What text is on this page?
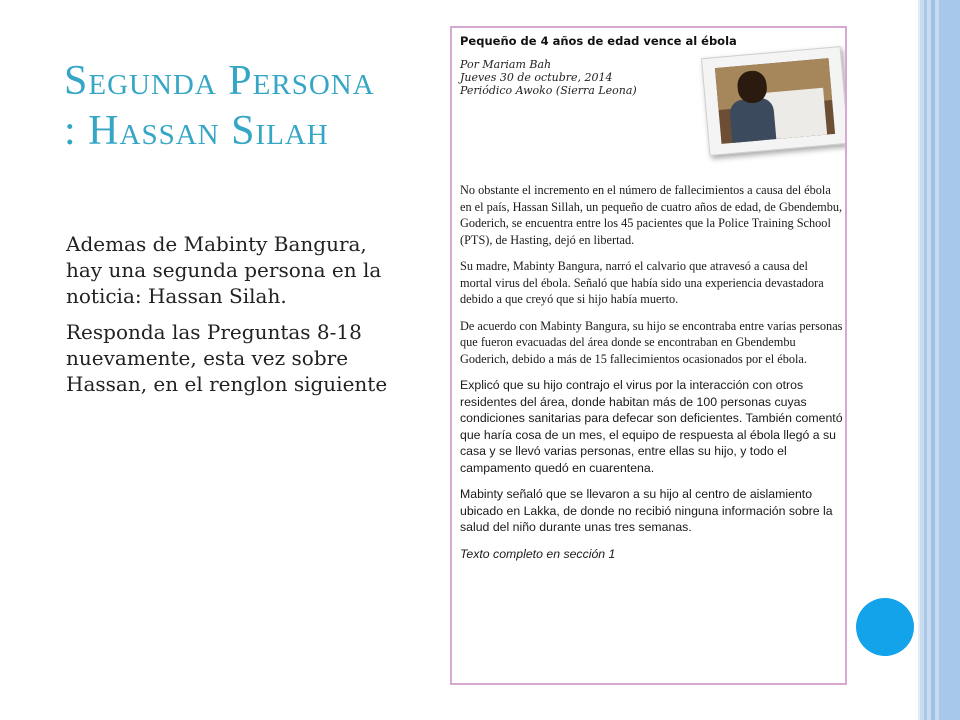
Segunda Persona
: Hassan Silah

Ademas de Mabinty Bangura, hay una segunda persona en la noticia: Hassan Silah.

Responda las Preguntas 8-18 nuevamente, esta vez sobre Hassan, en el renglon siguiente

Pequeño de 4 años de edad vence al ébola
Por Mariam Bah
Jueves 30 de octubre, 2014
Periódico Awoko (Sierra Leona)

No obstante el incremento en el número de fallecimientos a causa del ébola en el país, Hassan Sillah, un pequeño de cuatro años de edad, de Gbendembu, Goderich, se encuentra entre los 45 pacientes que la Police Training School (PTS), de Hasting, dejó en libertad.

Su madre, Mabinty Bangura, narró el calvario que atravesó a causa del mortal virus del ébola. Señaló que había sido una experiencia devastadora debido a que creyó que si hijo había muerto.

De acuerdo con Mabinty Bangura, su hijo se encontraba entre varias personas que fueron evacuadas del área donde se encontraban en Gbendembu Goderich, debido a más de 15 fallecimientos ocasionados por el ébola.

Explicó que su hijo contrajo el virus por la interacción con otros residentes del área, donde habitan más de 100 personas cuyas condiciones sanitarias para defecar son deficientes. También comentó que haría cosa de un mes, el equipo de respuesta al ébola llegó a su casa y se llevó varias personas, entre ellas su hijo, y todo el campamento quedó en cuarentena.

Mabinty señaló que se llevaron a su hijo al centro de aislamiento ubicado en Lakka, de donde no recibió ninguna información sobre la salud del niño durante unas tres semanas.

Texto completo en sección 1
